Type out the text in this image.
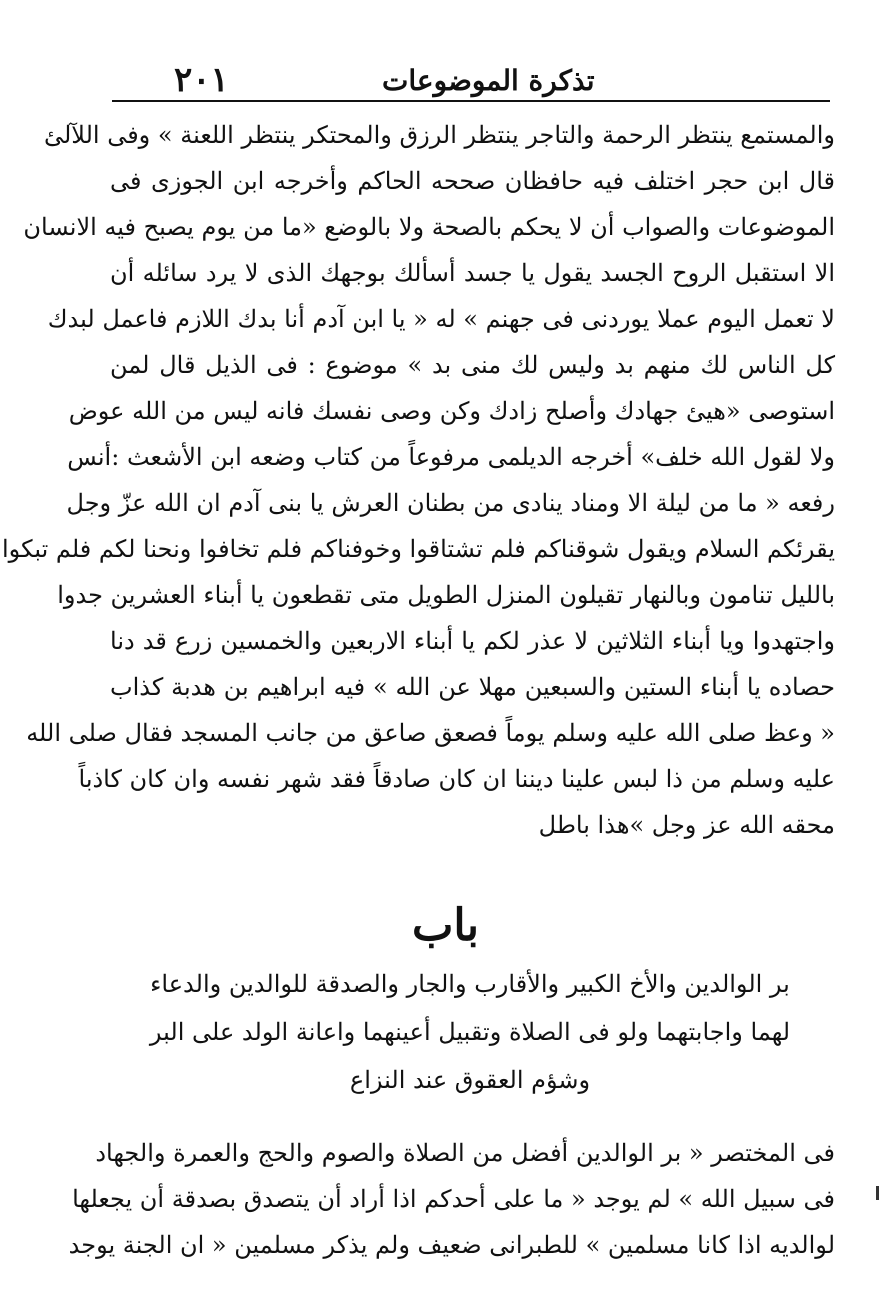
٢٠١	تذكرة الموضوعات
والمستمع ينتظر الرحمة والتاجر ينتظر الرزق والمحتكر ينتظر اللعنة » وفى اللآلئ
قال ابن حجر اختلف فيه حافظان صححه الحاكم وأخرجه ابن الجوزى فى
الموضوعات والصواب أن لا يحكم بالصحة ولا بالوضع «ما من يوم يصبح فيه الانسان
الا استقبل الروح الجسد يقول يا جسد أسألك بوجهك الذى لا يرد سائله أن
لا تعمل اليوم عملا يوردنى فى جهنم » له « يا ابن آدم أنا بدك اللازم فاعمل لبدك
كل الناس لك منهم بد وليس لك منى بد » موضوع : فى الذيل قال لمن
استوصى «هيئ جهادك وأصلح زادك وكن وصى نفسك فانه ليس من الله عوض
ولا لقول الله خلف» أخرجه الديلمى مرفوعاً من كتاب وضعه ابن الأشعث :أنس
رفعه « ما من ليلة الا ومناد ينادى من بطنان العرش يا بنى آدم ان الله عزّ وجل
يقرئكم السلام ويقول شوقناكم فلم تشتاقوا وخوفناكم فلم تخافوا ونحنا لكم فلم تبكوا
بالليل تنامون وبالنهار تقيلون المنزل الطويل متى تقطعون يا أبناء العشرين جدوا
واجتهدوا ويا أبناء الثلاثين لا عذر لكم يا أبناء الاربعين والخمسين زرع قد دنا
حصاده يا أبناء الستين والسبعين مهلا عن الله » فيه ابراهيم بن هدبة كذاب
« وعظ صلى الله عليه وسلم يوماً فصعق صاعق من جانب المسجد فقال صلى الله
عليه وسلم من ذا لبس علينا ديننا ان كان صادقاً فقد شهر نفسه وان كان كاذباً
محقه الله عز وجل »هذا باطل
باب
بر الوالدين والأخ الكبير والأقارب والجار والصدقة للوالدين والدعاء
لهما واجابتهما ولو فى الصلاة وتقبيل أعينهما واعانة الولد على البر
وشؤم العقوق عند النزاع
فى المختصر « بر الوالدين أفضل من الصلاة والصوم والحج والعمرة والجهاد
فى سبيل الله » لم يوجد « ما على أحدكم اذا أراد أن يتصدق بصدقة أن يجعلها
لوالديه اذا كانا مسلمين » للطبرانى ضعيف ولم يذكر مسلمين « ان الجنة يوجد
